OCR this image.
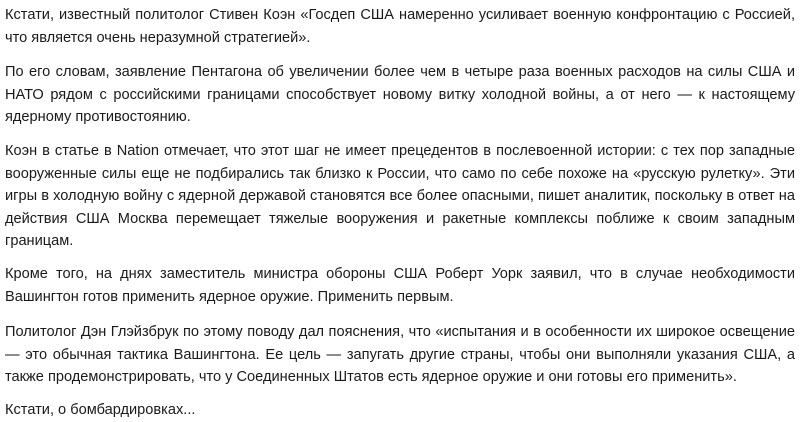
Кстати, известный политолог Стивен Коэн «Госдеп США намеренно усиливает военную конфронтацию с Россией, что является очень неразумной стратегией».

По его словам, заявление Пентагона об увеличении более чем в четыре раза военных расходов на силы США и НАТО рядом с российскими границами способствует новому витку холодной войны, а от него — к настоящему ядерному противостоянию.

Коэн в статье в Nation отмечает, что этот шаг не имеет прецедентов в послевоенной истории: с тех пор западные вооруженные силы еще не подбирались так близко к России, что само по себе похоже на «русскую рулетку». Эти игры в холодную войну с ядерной державой становятся все более опасными, пишет аналитик, поскольку в ответ на действия США Москва перемещает тяжелые вооружения и ракетные комплексы поближе к своим западным границам.

Кроме того, на днях заместитель министра обороны США Роберт Уорк заявил, что в случае необходимости Вашингтон готов применить ядерное оружие. Применить первым.

Политолог Дэн Глэйзбрук по этому поводу дал пояснения, что «испытания и в особенности их широкое освещение — это обычная тактика Вашингтона. Ее цель — запугать другие страны, чтобы они выполняли указания США, а также продемонстрировать, что у Соединенных Штатов есть ядерное оружие и они готовы его применить».

Кстати, о бомбардировках...
